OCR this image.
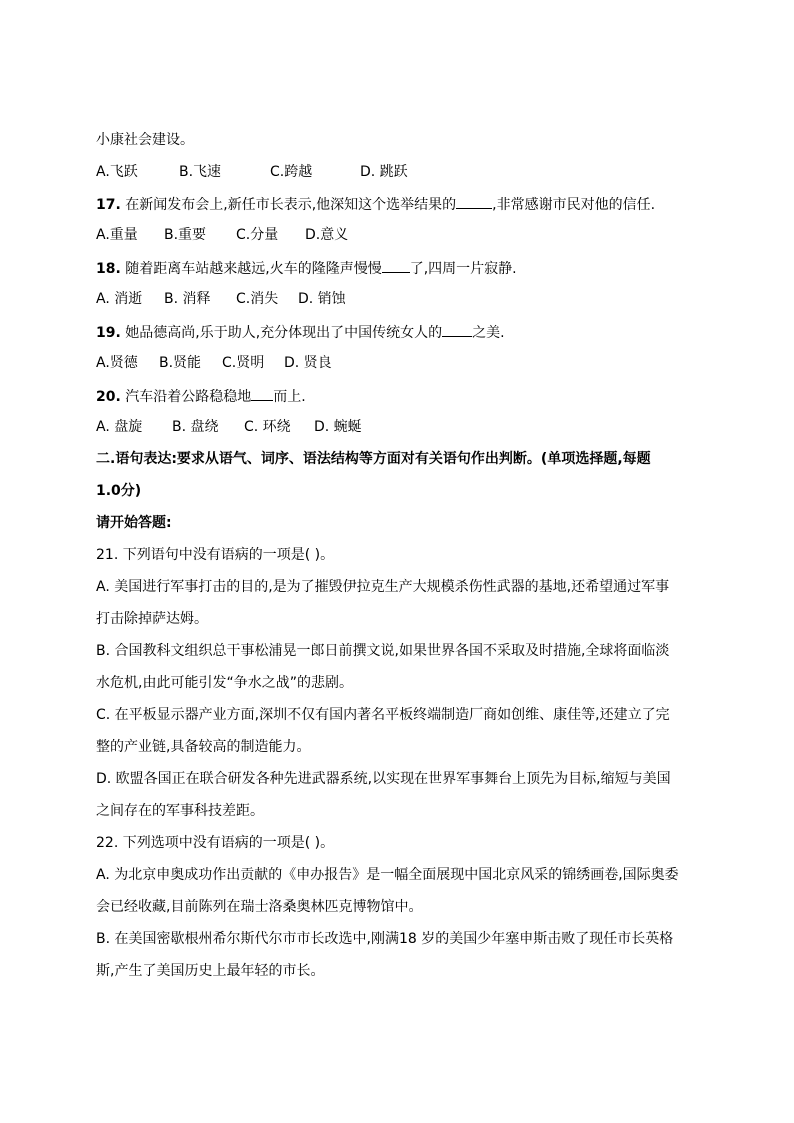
小康社会建设。
A.飞跃	B.飞速	C.跨越	D. 跳跃
17. 在新闻发布会上,新任市长表示,他深知这个选举结果的	,非常感谢市民对他的信任.
A.重量 B.重要 C.分量 D.意义
18. 随着距离车站越来越远,火车的隆隆声慢慢 了,四周一片寂静.
A. 消逝 B. 消释 C.消失 D. 销蚀
19. 她品德高尚,乐于助人,充分体现出了中国传统女人的 之美.
A.贤德 B.贤能 C.贤明 D. 贤良
20. 汽车沿着公路稳稳地 而上.
A. 盘旋 B. 盘绕 C. 环绕 D. 蜿蜒
二.语句表达:要求从语气、词序、语法结构等方面对有关语句作出判断。(单项选择题,每题
1.0分)
请开始答题:
21. 下列语句中没有语病的一项是( )。
A. 美国进行军事打击的目的,是为了摧毁伊拉克生产大规模杀伤性武器的基地,还希望通过军事
打击除掉萨达姆。
B. 合国教科文组织总干事松浦晃一郎日前撰文说,如果世界各国不采取及时措施,全球将面临淡
水危机,由此可能引发“争水之战”的悲剧。
C. 在平板显示器产业方面,深圳不仅有国内著名平板终端制造厂商如创维、康佳等,还建立了完
整的产业链,具备较高的制造能力。
D. 欧盟各国正在联合研发各种先进武器系统,以实现在世界军事舞台上顶先为目标,缩短与美国
之间存在的军事科技差距。
22. 下列选项中没有语病的一项是( )。
A. 为北京申奥成功作出贡献的《申办报告》是一幅全面展现中国北京风采的锦绣画卷,国际奥委
会已经收藏,目前陈列在瑞士洛桑奥林匹克博物馆中。
B. 在美国密歇根州希尔斯代尔市市长改选中,刚满18 岁的美国少年塞申斯击败了现任市长英格
斯,产生了美国历史上最年轻的市长。
